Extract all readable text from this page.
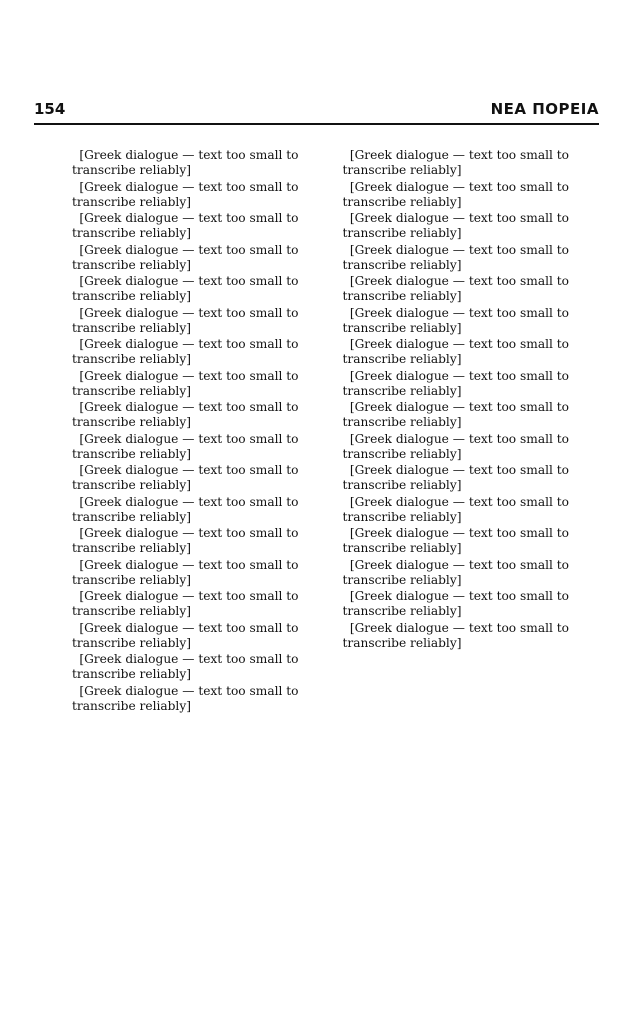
154	ΝΕΑ ΠΟΡΕΙΑ

[Greek dialogue — text too small to transcribe reliably]

[Greek dialogue — text too small to transcribe reliably]

[Greek dialogue — text too small to transcribe reliably]

[Greek dialogue — text too small to transcribe reliably]

[Greek dialogue — text too small to transcribe reliably]

[Greek dialogue — text too small to transcribe reliably]

[Greek dialogue — text too small to transcribe reliably]

[Greek dialogue — text too small to transcribe reliably]

[Greek dialogue — text too small to transcribe reliably]

[Greek dialogue — text too small to transcribe reliably]

[Greek dialogue — text too small to transcribe reliably]

[Greek dialogue — text too small to transcribe reliably]

[Greek dialogue — text too small to transcribe reliably]

[Greek dialogue — text too small to transcribe reliably]

[Greek dialogue — text too small to transcribe reliably]

[Greek dialogue — text too small to transcribe reliably]

[Greek dialogue — text too small to transcribe reliably]

[Greek dialogue — text too small to transcribe reliably]

[Greek dialogue — text too small to transcribe reliably]

[Greek dialogue — text too small to transcribe reliably]

[Greek dialogue — text too small to transcribe reliably]

[Greek dialogue — text too small to transcribe reliably]

[Greek dialogue — text too small to transcribe reliably]

[Greek dialogue — text too small to transcribe reliably]

[Greek dialogue — text too small to transcribe reliably]

[Greek dialogue — text too small to transcribe reliably]

[Greek dialogue — text too small to transcribe reliably]

[Greek dialogue — text too small to transcribe reliably]

[Greek dialogue — text too small to transcribe reliably]

[Greek dialogue — text too small to transcribe reliably]

[Greek dialogue — text too small to transcribe reliably]

[Greek dialogue — text too small to transcribe reliably]

[Greek dialogue — text too small to transcribe reliably]

[Greek dialogue — text too small to transcribe reliably]
